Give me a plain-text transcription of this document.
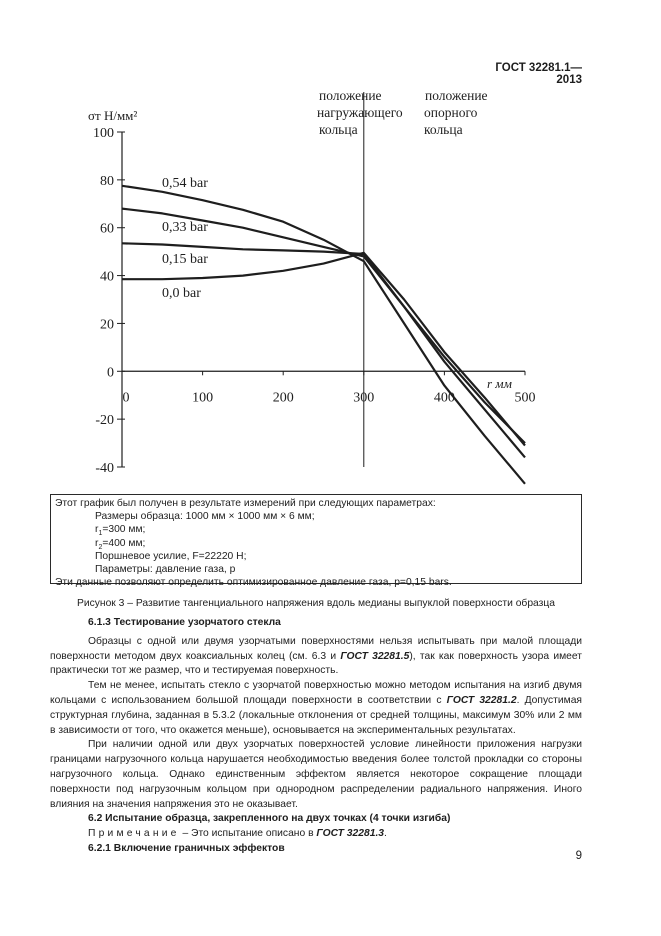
ГОСТ 32281.1—2013
100
80
60
40
20
0
-20
-40
0	100	200	300	400	500
σт Н/мм²
r мм
положение
нагружающего
кольца
положение
опорного
кольца
0,54 bar
0,33 bar
0,15 bar
0,0 bar
Этот график был получен в результате измерений при следующих параметрах:
Размеры образца: 1000 мм × 1000 мм × 6 мм;
$r_1=300$ мм;
$r_2=400$ мм;
Поршневое усилие, F=22220 Н;
Параметры: давление газа, p
Эти данные позволяют определить оптимизированное давление газа, p=0,15 bars.
Рисунок 3 – Развитие тангенциального напряжения вдоль медианы выпуклой поверхности образца

6.1.3 Тестирование узорчатого стекла

Образцы с одной или двумя узорчатыми поверхностями нельзя испытывать при малой площади поверхности методом двух коаксиальных колец (см. 6.3 и ГОСТ 32281.5), так как поверхность узора имеет практически тот же размер, что и тестируемая поверхность.

Тем не менее, испытать стекло с узорчатой поверхностью можно методом испытания на изгиб двумя кольцами с использованием большой площади поверхности в соответствии с ГОСТ 32281.2. Допустимая структурная глубина, заданная в 5.3.2 (локальные отклонения от средней толщины, максимум 30% или 2 мм в зависимости от того, что окажется меньше), основывается на экспериментальных результатах.

При наличии одной или двух узорчатых поверхностей условие линейности приложения нагрузки границами нагрузочного кольца нарушается необходимостью введения более толстой прокладки со стороны нагрузочного кольца. Однако единственным эффектом является некоторое сокращение площади поверхности под нагрузочным кольцом при однородном распределении радиального напряжения. Иного влияния на значения напряжения это не оказывает.

6.2 Испытание образца, закрепленного на двух точках (4 точки изгиба)

Примечание – Это испытание описано в ГОСТ 32281.3.

6.2.1 Включение граничных эффектов

9
